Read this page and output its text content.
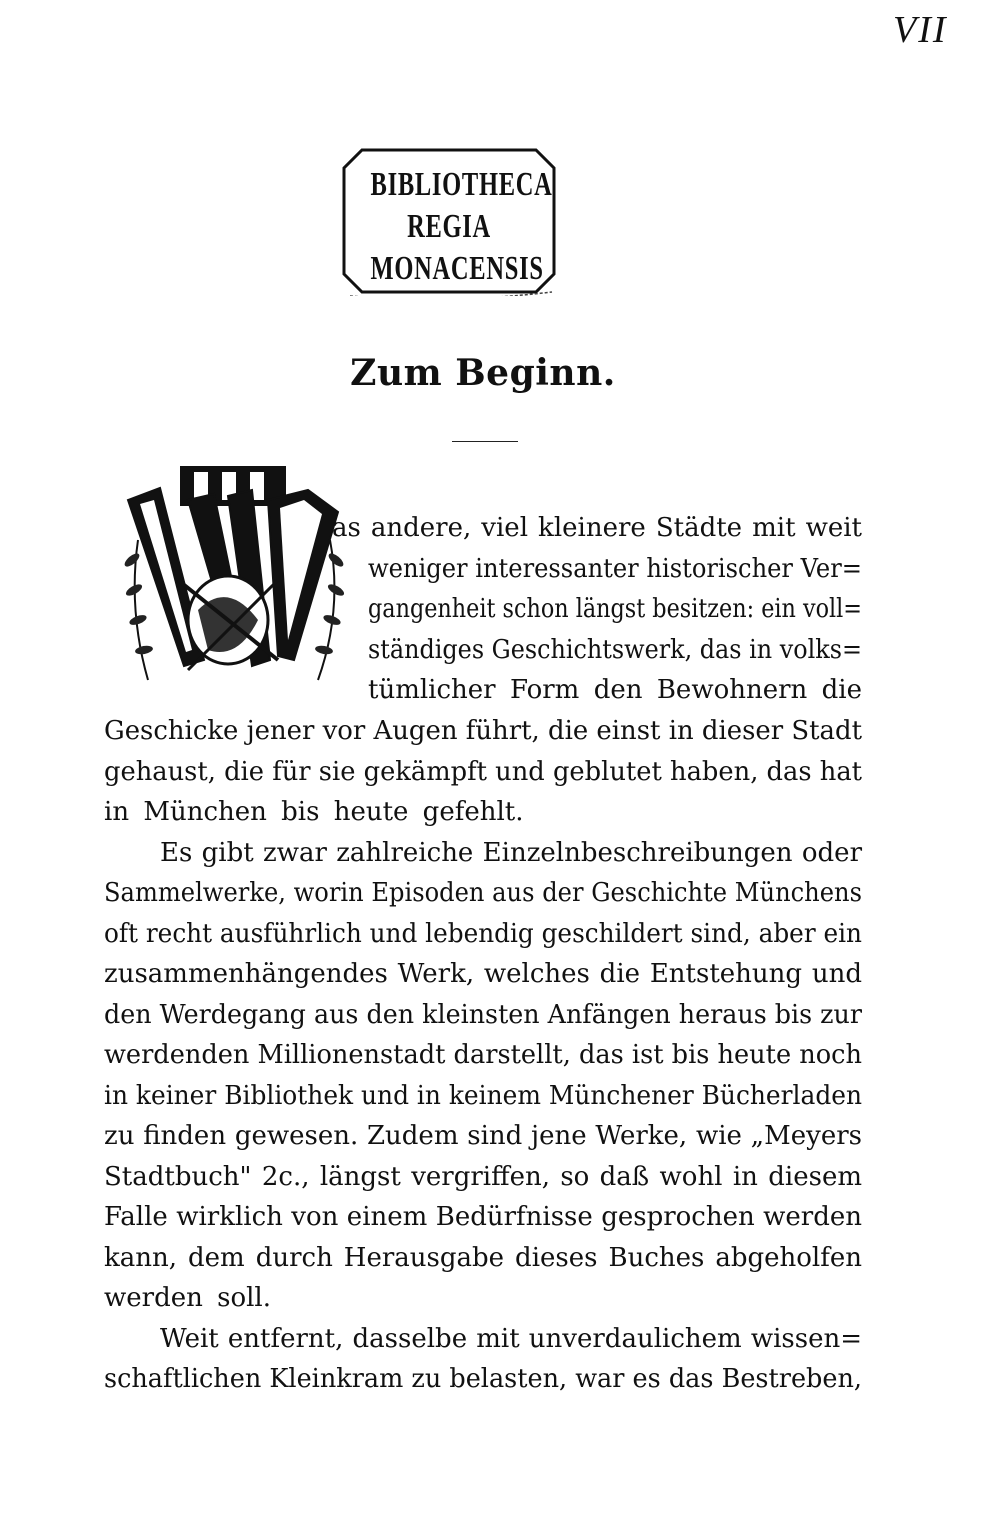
VII
BIBLIOTHECA
REGIA
MONACENSIS
Zum Beginn.
as andere, viel kleinere Städte mit weit
weniger interessanter historischer Ver=
gangenheit schon längst besitzen: ein voll=
ständiges Geschichtswerk, das in volks=
tümlicher Form den Bewohnern die
Geschicke jener vor Augen führt, die einst in dieser Stadt
gehaust, die für sie gekämpft und geblutet haben, das hat
in München bis heute gefehlt.
Es gibt zwar zahlreiche Einzelnbeschreibungen oder
Sammelwerke, worin Episoden aus der Geschichte Münchens
oft recht ausführlich und lebendig geschildert sind, aber ein
zusammenhängendes Werk, welches die Entstehung und
den Werdegang aus den kleinsten Anfängen heraus bis zur
werdenden Millionenstadt darstellt, das ist bis heute noch
in keiner Bibliothek und in keinem Münchener Bücherladen
zu finden gewesen. Zudem sind jene Werke, wie „Meyers
Stadtbuch" 2c., längst vergriffen, so daß wohl in diesem
Falle wirklich von einem Bedürfnisse gesprochen werden
kann, dem durch Herausgabe dieses Buches abgeholfen
werden soll.
Weit entfernt, dasselbe mit unverdaulichem wissen=
schaftlichen Kleinkram zu belasten, war es das Bestreben,
